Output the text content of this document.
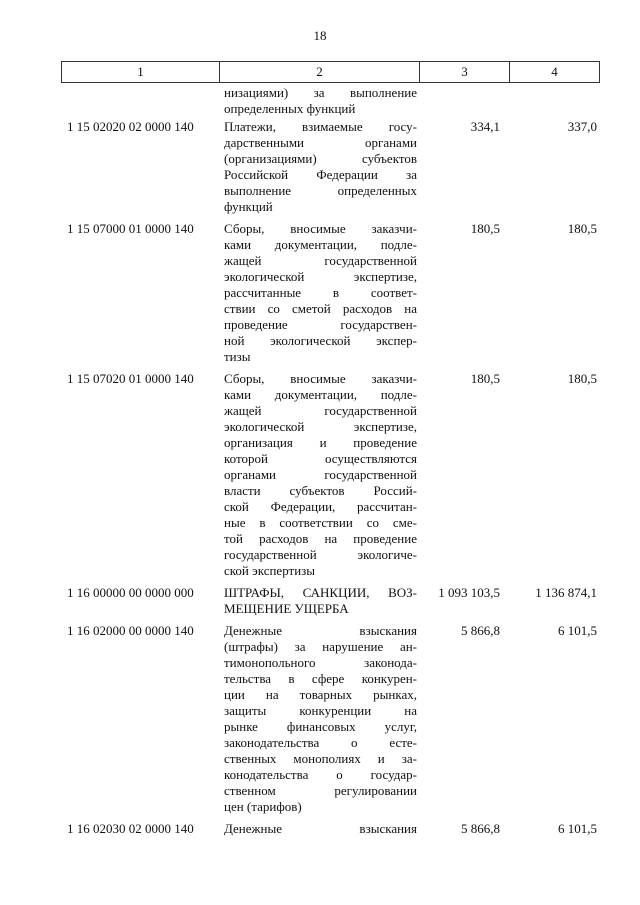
18
1	2	3	4
низациями) за выполнение
определенных функций
1 15 02020 02 0000 140	Платежи, взимаемые госу-
дарственными органами
(организациями) субъектов
Российской Федерации за
выполнение определенных
функций
334,1	337,0
1 15 07000 01 0000 140	Сборы, вносимые заказчи-
ками документации, подле-
жащей государственной
экологической экспертизе,
рассчитанные в соответ-
ствии со сметой расходов на
проведение государствен-
ной экологической экспер-
тизы
180,5	180,5
1 15 07020 01 0000 140	Сборы, вносимые заказчи-
ками документации, подле-
жащей государственной
экологической экспертизе,
организация и проведение
которой осуществляются
органами государственной
власти субъектов Россий-
ской Федерации, рассчитан-
ные в соответствии со сме-
той расходов на проведение
государственной экологиче-
ской экспертизы
180,5	180,5
1 16 00000 00 0000 000	ШТРАФЫ, САНКЦИИ, ВОЗ-
МЕЩЕНИЕ УЩЕРБА
1 093 103,5	1 136 874,1
1 16 02000 00 0000 140	Денежные взыскания
(штрафы) за нарушение ан-
тимонопольного законода-
тельства в сфере конкурен-
ции на товарных рынках,
защиты конкуренции на
рынке финансовых услуг,
законодательства о есте-
ственных монополиях и за-
конодательства о государ-
ственном регулировании
цен (тарифов)
5 866,8	6 101,5
1 16 02030 02 0000 140	Денежные взыскания	5 866,8	6 101,5
